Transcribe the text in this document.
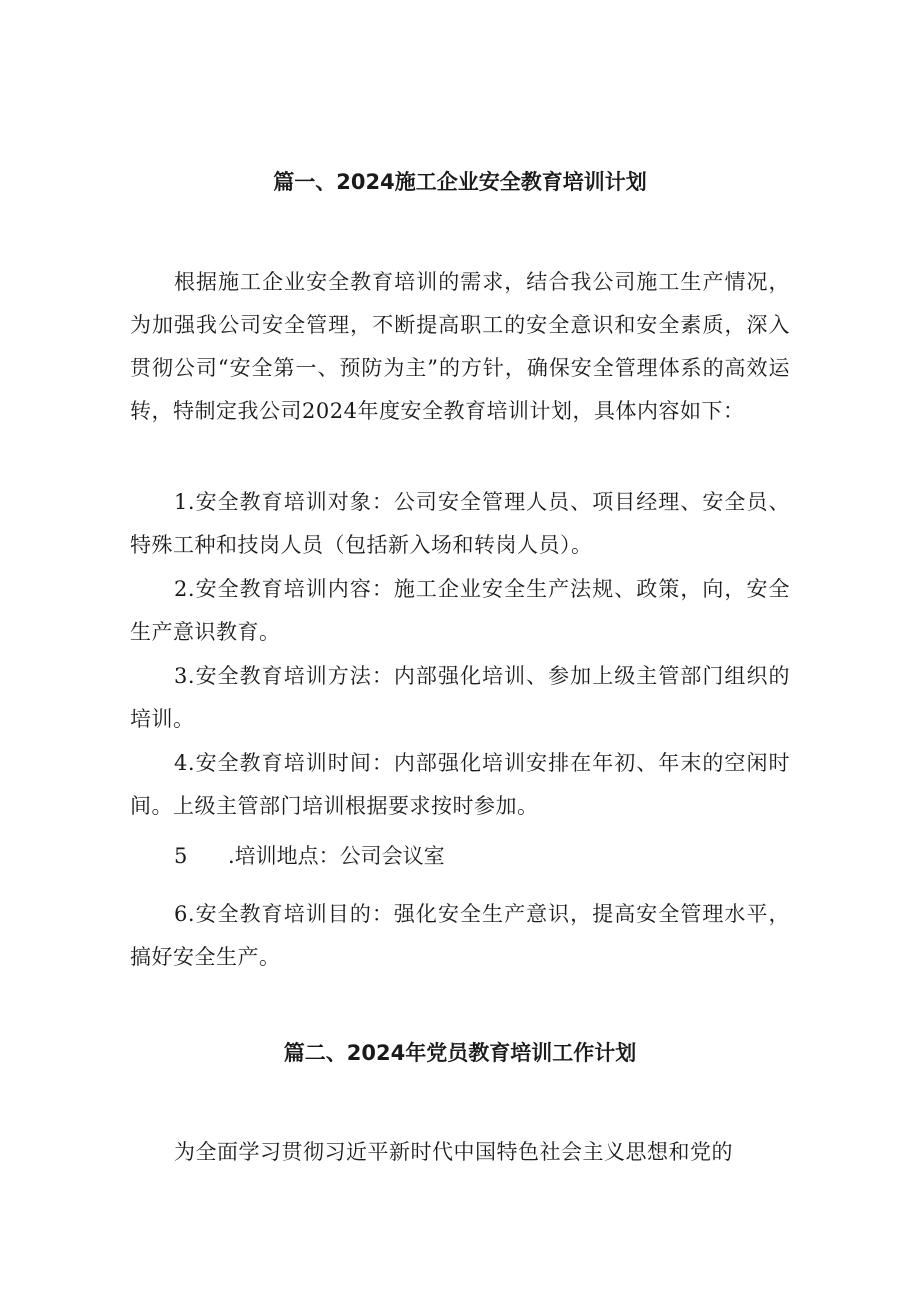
篇一、2024施工企业安全教育培训计划

根据施工企业安全教育培训的需求，结合我公司施工生产情况，为加强我公司安全管理，不断提高职工的安全意识和安全素质，深入贯彻公司“安全第一、预防为主”的方针，确保安全管理体系的高效运转，特制定我公司2024年度安全教育培训计划，具体内容如下：

1.安全教育培训对象：公司安全管理人员、项目经理、安全员、特殊工种和技岗人员（包括新入场和转岗人员）。

2.安全教育培训内容：施工企业安全生产法规、政策，向，安全生产意识教育。

3.安全教育培训方法：内部强化培训、参加上级主管部门组织的培训。

4.安全教育培训时间：内部强化培训安排在年初、年末的空闲时间。上级主管部门培训根据要求按时参加。

5 .培训地点：公司会议室

6.安全教育培训目的：强化安全生产意识，提高安全管理水平，搞好安全生产。

篇二、2024年党员教育培训工作计划

为全面学习贯彻习近平新时代中国特色社会主义思想和党的
